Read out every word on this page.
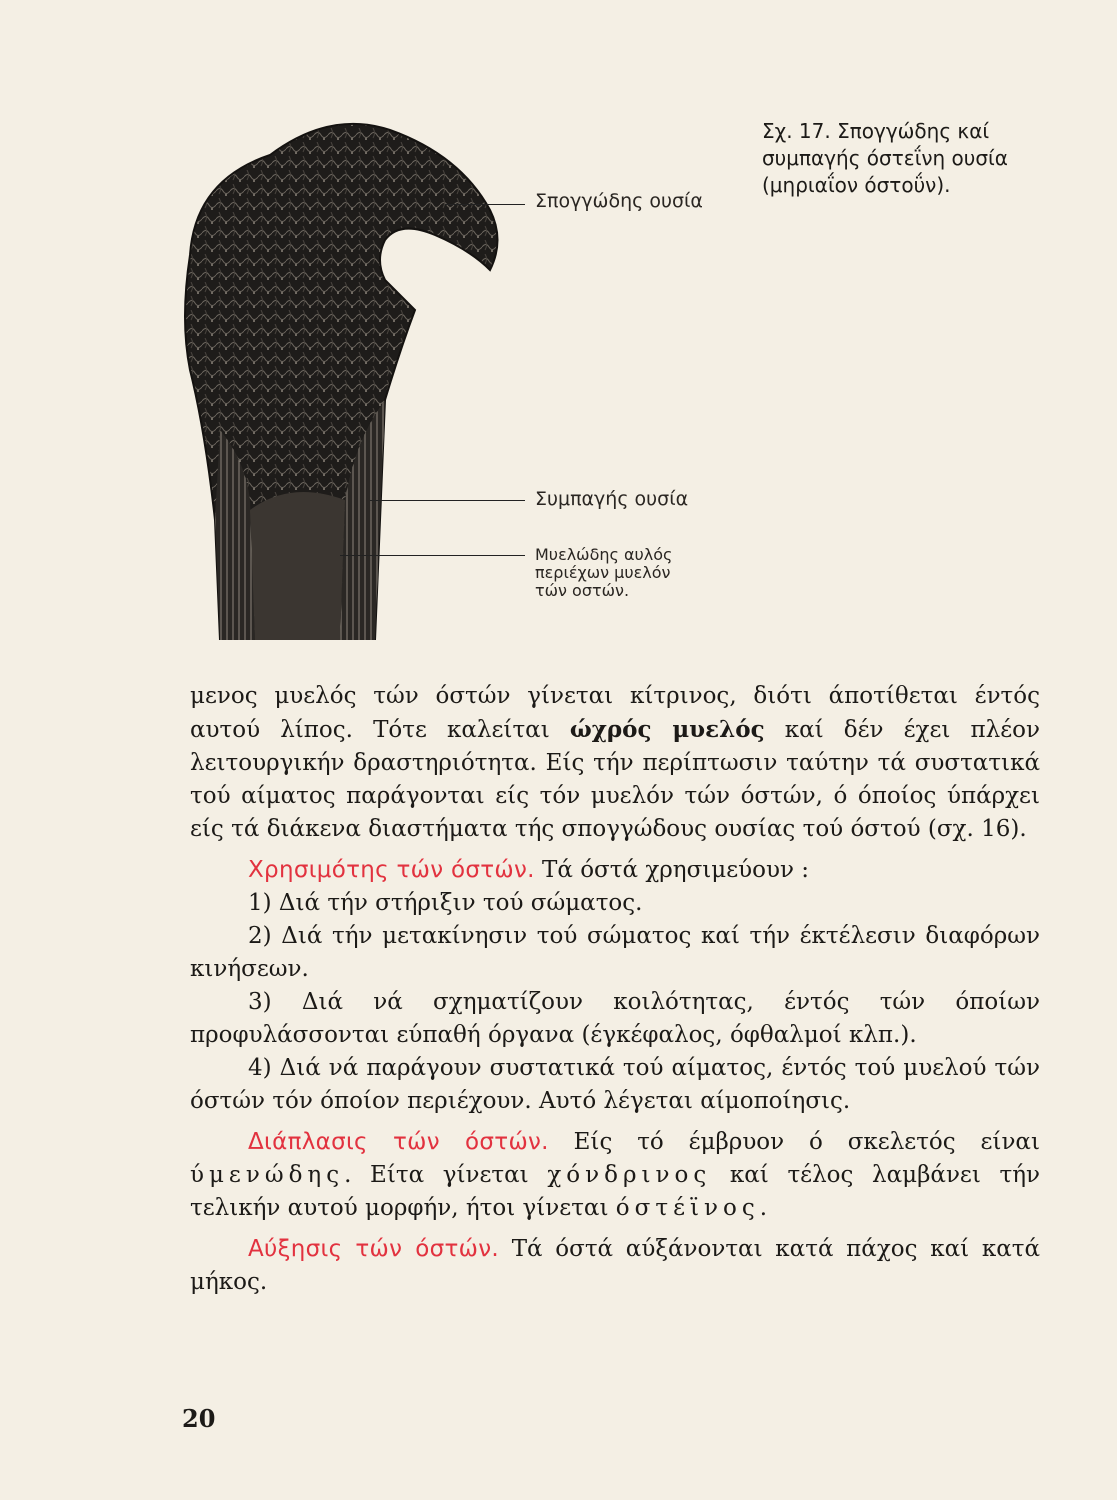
Σπογγώδης ουσία
Συμπαγής ουσία
Μυελώδης αυλός
περιέχων μυελόν
τών οστών.
Σχ. 17. Σπογγώδης καί συμπαγής όστεΐνη ουσία (μηριαΐον όστοΰν).

μενος μυελός τών όστών γίνεται κίτρινος, διότι άποτίθεται έντός αυτού λίπος. Τότε καλείται ώχρός μυελός καί δέν έχει πλέον λειτουργικήν δραστηριότητα. Είς τήν περίπτωσιν ταύτην τά συστατικά τού αίματος παράγονται είς τόν μυελόν τών όστών, ό όποίος ύπάρχει είς τά διάκενα διαστήματα τής σπογγώδους ουσίας τού όστού (σχ. 16).

Χρησιμότης τών όστών. Τά όστά χρησιμεύουν :

1) Διά τήν στήριξιν τού σώματος.

2) Διά τήν μετακίνησιν τού σώματος καί τήν έκτέλεσιν διαφόρων κινήσεων.

3) Διά νά σχηματίζουν κοιλότητας, έντός τών όποίων προφυλάσσονται εύπαθή όργανα (έγκέφαλος, όφθαλμοί κλπ.).

4) Διά νά παράγουν συστατικά τού αίματος, έντός τού μυελού τών όστών τόν όποίον περιέχουν. Αυτό λέγεται αίμοποίησις.

Διάπλασις τών όστών. Είς τό έμβρυον ό σκελετός είναι ύμενώδης. Είτα γίνεται χόνδρινος καί τέλος λαμβάνει τήν τελικήν αυτού μορφήν, ήτοι γίνεται όστέϊνος.

Αύξησις τών όστών. Τά όστά αύξάνονται κατά πάχος καί κατά μήκος.

20
